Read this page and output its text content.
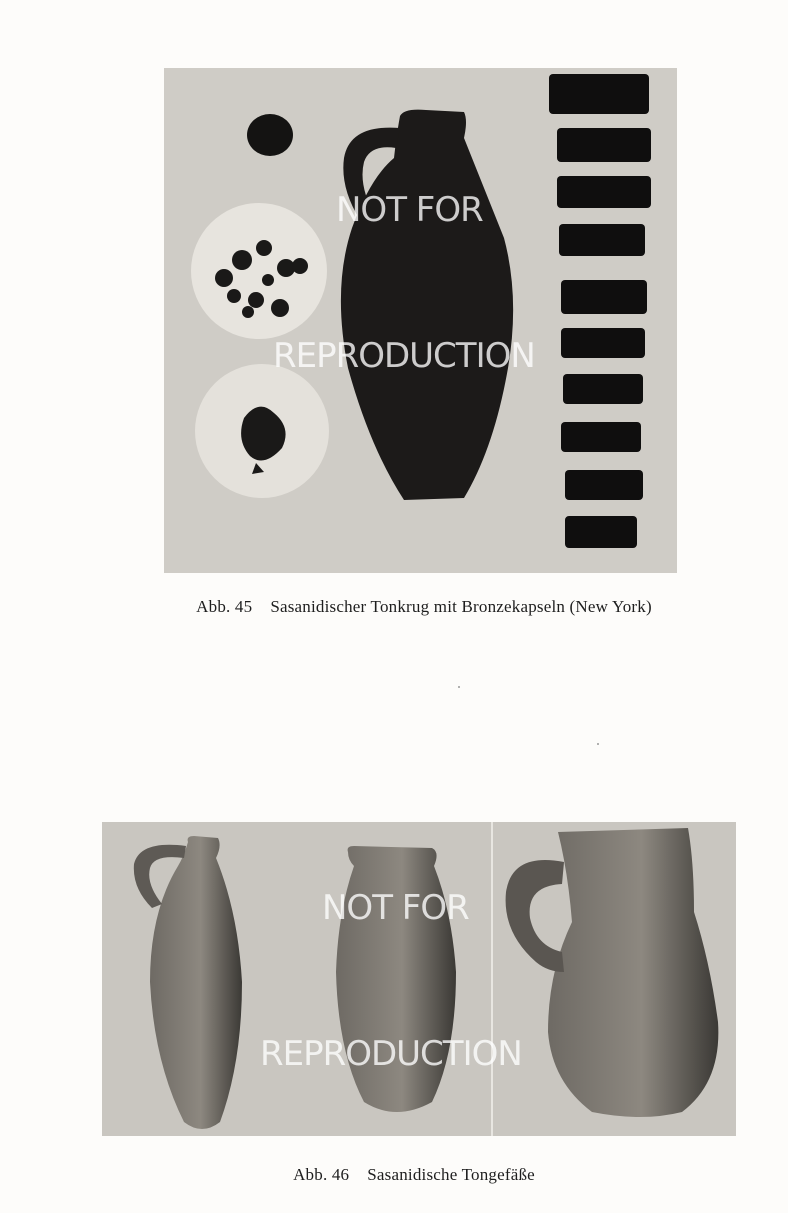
NOT FOR
REPRODUCTION
Abb. 45 Sasanidischer Tonkrug mit Bronzekapseln (New York)
NOT FOR
REPRODUCTION
Abb. 46 Sasanidische Tongefäße
